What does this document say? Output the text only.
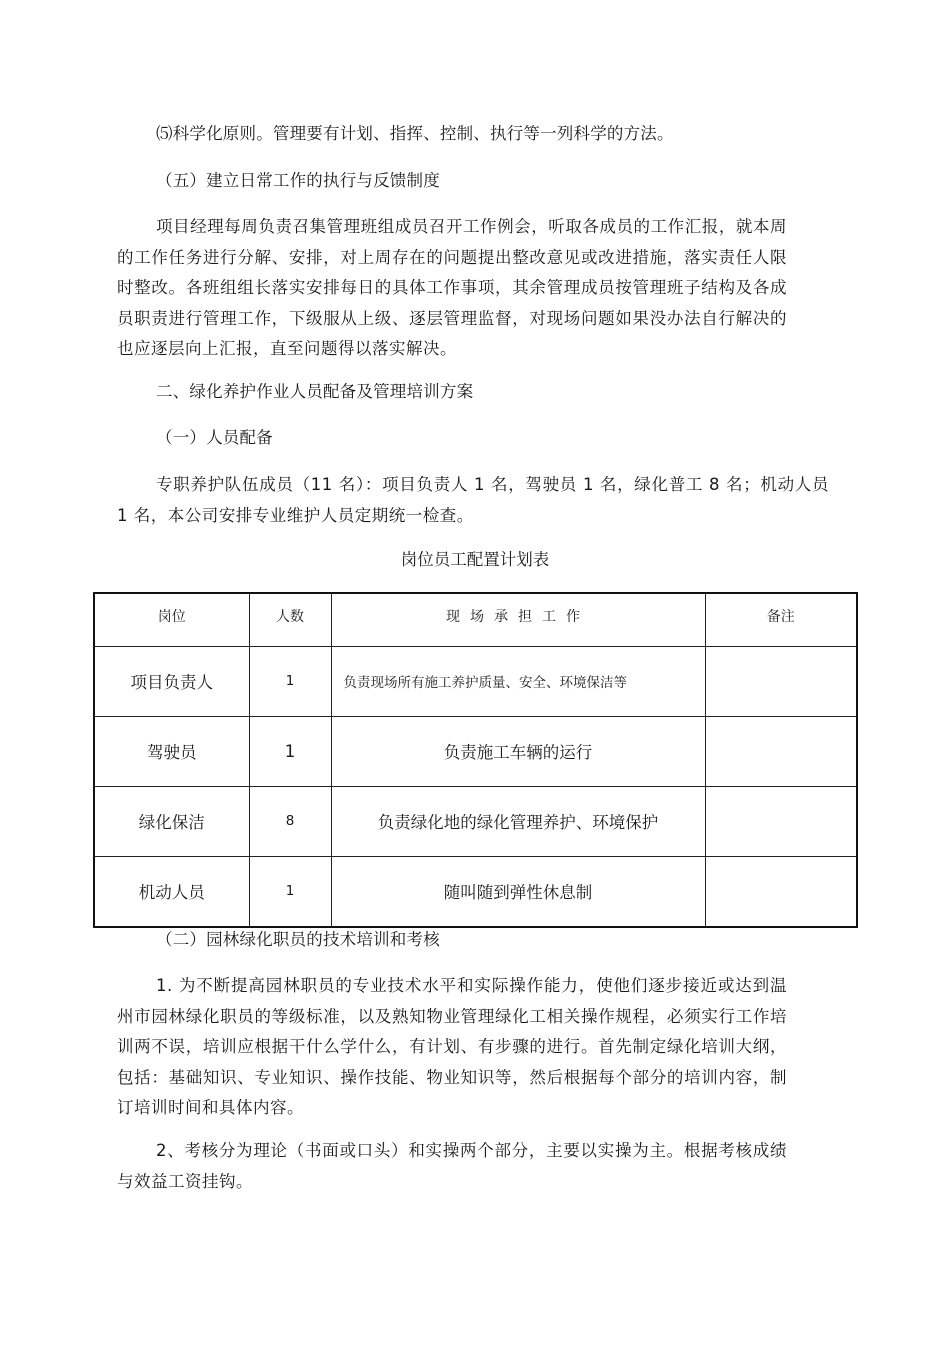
⑸科学化原则。管理要有计划、指挥、控制、执行等一列科学的方法。
（五）建立日常工作的执行与反馈制度
项目经理每周负责召集管理班组成员召开工作例会，听取各成员的工作汇报，就本周的工作任务进行分解、安排，对上周存在的问题提出整改意见或改进措施，落实责任人限时整改。各班组组长落实安排每日的具体工作事项，其余管理成员按管理班子结构及各成员职责进行管理工作，下级服从上级、逐层管理监督，对现场问题如果没办法自行解决的也应逐层向上汇报，直至问题得以落实解决。
二、绿化养护作业人员配备及管理培训方案
（一）人员配备
专职养护队伍成员（11 名）：项目负责人 1 名，驾驶员 1 名，绿化普工 8 名；机动人员 1 名，本公司安排专业维护人员定期统一检查。
岗位员工配置计划表
岗位	人数	现场承担工作	备注
项目负责人	1	负责现场所有施工养护质量、安全、环境保洁等	
驾驶员	1	负责施工车辆的运行	
绿化保洁	8	负责绿化地的绿化管理养护、环境保护	
机动人员	1	随叫随到弹性休息制	
（二）园林绿化职员的技术培训和考核
1. 为不断提高园林职员的专业技术水平和实际操作能力，使他们逐步接近或达到温州市园林绿化职员的等级标准，以及熟知物业管理绿化工相关操作规程，必须实行工作培训两不误，培训应根据干什么学什么，有计划、有步骤的进行。首先制定绿化培训大纲，包括：基础知识、专业知识、操作技能、物业知识等，然后根据每个部分的培训内容，制订培训时间和具体内容。
2、考核分为理论（书面或口头）和实操两个部分，主要以实操为主。根据考核成绩与效益工资挂钩。
